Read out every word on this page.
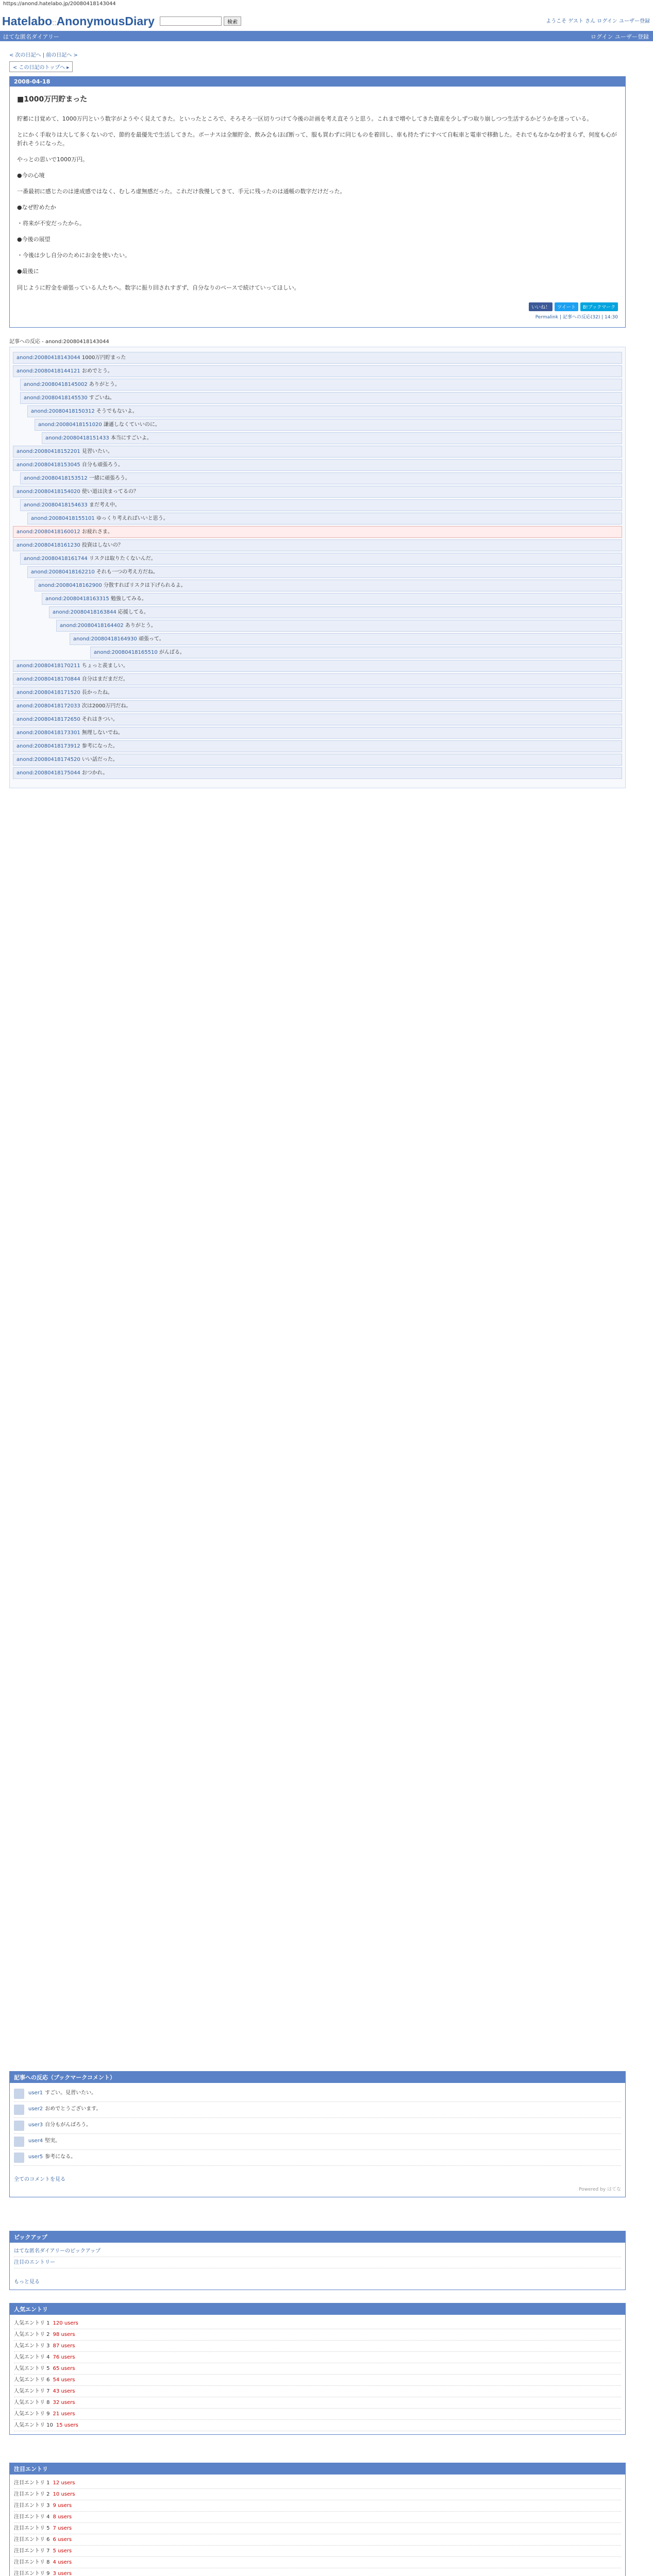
https://anond.hatelabo.jp/20080418143044
Hatelabo::AnonymousDiary	検索	ようこそ ゲスト さん ログイン ユーザー登録
はてな匿名ダイアリー	ログイン ユーザー登録
< 次の日記へ | 前の日記へ >
< この日記のトップへ ▸
2008-04-18
■1000万円貯まった

貯蓄に目覚めて、1000万円という数字がようやく見えてきた。といったところで、そろそろ一区切りつけて今後の計画を考え直そうと思う。これまで増やしてきた資産を少しずつ取り崩しつつ生活するかどうかを迷っている。

とにかく手取りは大して多くないので、節約を最優先で生活してきた。ボーナスは全額貯金、飲み会もほぼ断って、服も買わずに同じものを着回し、車も持たずにすべて自転車と電車で移動した。それでもなかなか貯まらず、何度も心が折れそうになった。

やっとの思いで1000万円。

●今の心境

一番最初に感じたのは達成感ではなく、むしろ虚無感だった。これだけ我慢してきて、手元に残ったのは通帳の数字だけだった。

●なぜ貯めたか

・将来が不安だったから。

●今後の展望

・今後は少し自分のためにお金を使いたい。

●最後に

同じように貯金を頑張っている人たちへ。数字に振り回されすぎず、自分なりのペースで続けていってほしい。

いいね！	ツイート	B!ブックマーク
Permalink | 記事への反応(32) | 14:30
記事への反応 - anond:20080418143044
anond:20080418143044 1000万円貯まった
anond:20080418144121 おめでとう。
anond:20080418145002 ありがとう。
anond:20080418145530 すごいね。
anond:20080418150312 そうでもないよ。
anond:20080418151020 謙遜しなくていいのに。
anond:20080418151433 本当にすごいよ。
anond:20080418152201 見習いたい。
anond:20080418153045 自分も頑張ろう。
anond:20080418153512 一緒に頑張ろう。
anond:20080418154020 使い道は決まってるの？
anond:20080418154633 まだ考え中。
anond:20080418155101 ゆっくり考えればいいと思う。
anond:20080418160012 お疲れさま。
anond:20080418161230 投資はしないの？
anond:20080418161744 リスクは取りたくないんだ。
anond:20080418162210 それも一つの考え方だね。
anond:20080418162900 分散すればリスクは下げられるよ。
anond:20080418163315 勉強してみる。
anond:20080418163844 応援してる。
anond:20080418164402 ありがとう。
anond:20080418164930 頑張って。
anond:20080418165510 がんばる。
anond:20080418170211 ちょっと羨ましい。
anond:20080418170844 自分はまだまだだ。
anond:20080418171520 長かったね。
anond:20080418172033 次は2000万円だね。
anond:20080418172650 それはきつい。
anond:20080418173301 無理しないでね。
anond:20080418173912 参考になった。
anond:20080418174520 いい話だった。
anond:20080418175044 おつかれ。
記事への反応（ブックマークコメント）
user1 すごい。見習いたい。
user2 おめでとうございます。
user3 自分もがんばろう。
user4 堅実。
user5 参考になる。
全てのコメントを見る
Powered by はてな
ピックアップ
はてな匿名ダイアリーのピックアップ
注目のエントリー
もっと見る
人気エントリ
人気エントリ 1 120 users
人気エントリ 2 98 users
人気エントリ 3 87 users
人気エントリ 4 76 users
人気エントリ 5 65 users
人気エントリ 6 54 users
人気エントリ 7 43 users
人気エントリ 8 32 users
人気エントリ 9 21 users
人気エントリ 10 15 users
注目エントリ
注目エントリ 1 12 users
注目エントリ 2 10 users
注目エントリ 3 9 users
注目エントリ 4 8 users
注目エントリ 5 7 users
注目エントリ 6 6 users
注目エントリ 7 5 users
注目エントリ 8 4 users
注目エントリ 9 3 users
